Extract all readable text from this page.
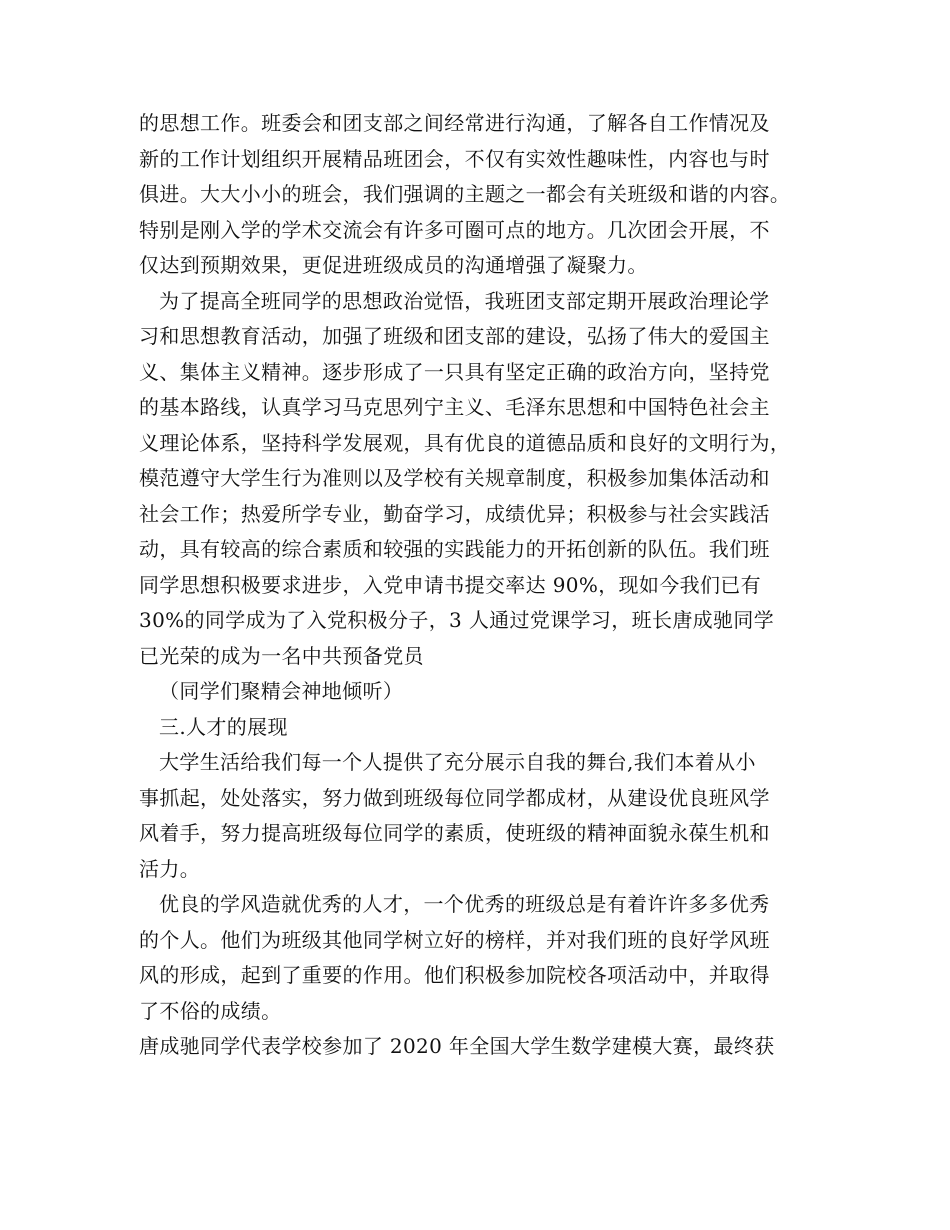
的思想工作。班委会和团支部之间经常进行沟通，了解各自工作情况及
新的工作计划组织开展精品班团会，不仅有实效性趣味性，内容也与时
俱进。大大小小的班会，我们强调的主题之一都会有关班级和谐的内容。
特别是刚入学的学术交流会有许多可圈可点的地方。几次团会开展，不
仅达到预期效果，更促进班级成员的沟通增强了凝聚力。
为了提高全班同学的思想政治觉悟，我班团支部定期开展政治理论学
习和思想教育活动，加强了班级和团支部的建设，弘扬了伟大的爱国主
义、集体主义精神。逐步形成了一只具有坚定正确的政治方向，坚持党
的基本路线，认真学习马克思列宁主义、毛泽东思想和中国特色社会主
义理论体系，坚持科学发展观，具有优良的道德品质和良好的文明行为，
模范遵守大学生行为准则以及学校有关规章制度，积极参加集体活动和
社会工作；热爱所学专业，勤奋学习，成绩优异；积极参与社会实践活
动，具有较高的综合素质和较强的实践能力的开拓创新的队伍。我们班
同学思想积极要求进步，入党申请书提交率达 90%，现如今我们已有
30%的同学成为了入党积极分子，3 人通过党课学习，班长唐成驰同学
已光荣的成为一名中共预备党员
（同学们聚精会神地倾听）
三.人才的展现
大学生活给我们每一个人提供了充分展示自我的舞台,我们本着从小
事抓起，处处落实，努力做到班级每位同学都成材，从建设优良班风学
风着手，努力提高班级每位同学的素质，使班级的精神面貌永葆生机和
活力。
优良的学风造就优秀的人才，一个优秀的班级总是有着许许多多优秀
的个人。他们为班级其他同学树立好的榜样，并对我们班的良好学风班
风的形成，起到了重要的作用。他们积极参加院校各项活动中，并取得
了不俗的成绩。
唐成驰同学代表学校参加了 2020 年全国大学生数学建模大赛，最终获
